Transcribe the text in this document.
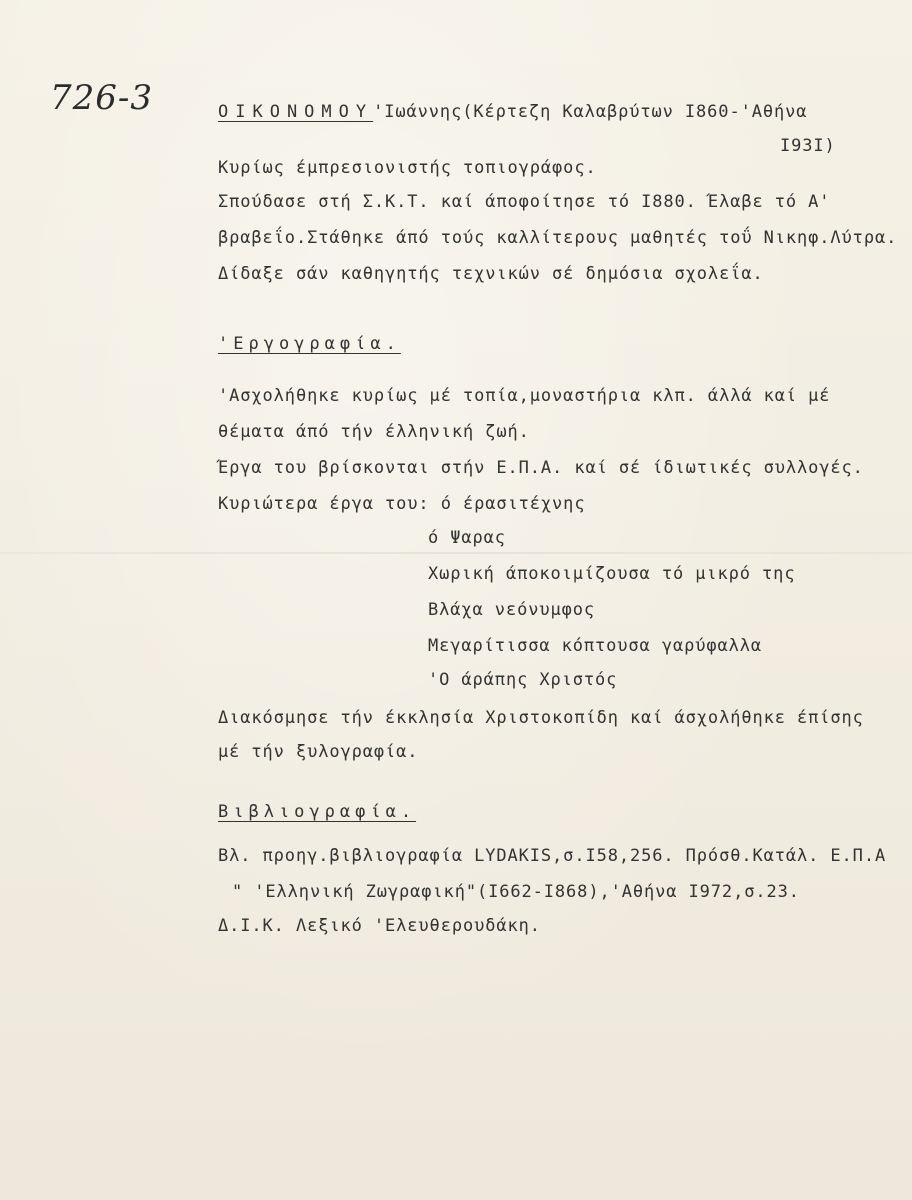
726-3	OIKONOMOY'Ιωάννης(Κέρτεζη Καλαβρύτων Ι860-'Αθήνα
Ι93Ι)
Κυρίως έμπρεσιονιστής τοπιογράφος.
Σπούδασε στή Σ.Κ.Τ. καί άποφοίτησε τό Ι880. Έλαβε τό Α'
βραβεΐο.Στάθηκε άπό τούς καλλίτερους μαθητές τοΰ Νικηφ.Λύτρα.
Δίδαξε σάν καθηγητής τεχνικών σέ δημόσια σχολεΐα.
'Εργογραφία.
'Ασχολήθηκε κυρίως μέ τοπία,μοναστήρια κλπ. άλλά καί μέ
θέματα άπό τήν έλληνική ζωή.
Έργα του βρίσκονται στήν Ε.Π.Α. καί σέ ίδιωτικές συλλογές.
Κυριώτερα έργα του: ό έρασιτέχνης
ό Ψαρας
Χωρική άποκοιμίζουσα τό μικρό της
Βλάχα νεόνυμφος
Μεγαρίτισσα κόπτουσα γαρύφαλλα
'Ο άράπης Χριστός
Διακόσμησε τήν έκκλησία Χριστοκοπίδη καί άσχολήθηκε έπίσης
μέ τήν ξυλογραφία.
Βιβλιογραφία.
Βλ. προηγ.βιβλιογραφία LYDAKIS,σ.Ι58,256. Πρόσθ.Κατάλ. Ε.Π.Α
" 'Ελληνική Ζωγραφική"(Ι662-Ι868),'Αθήνα Ι972,σ.23.
Δ.Ι.Κ. Λεξικό 'Ελευθερουδάκη.
